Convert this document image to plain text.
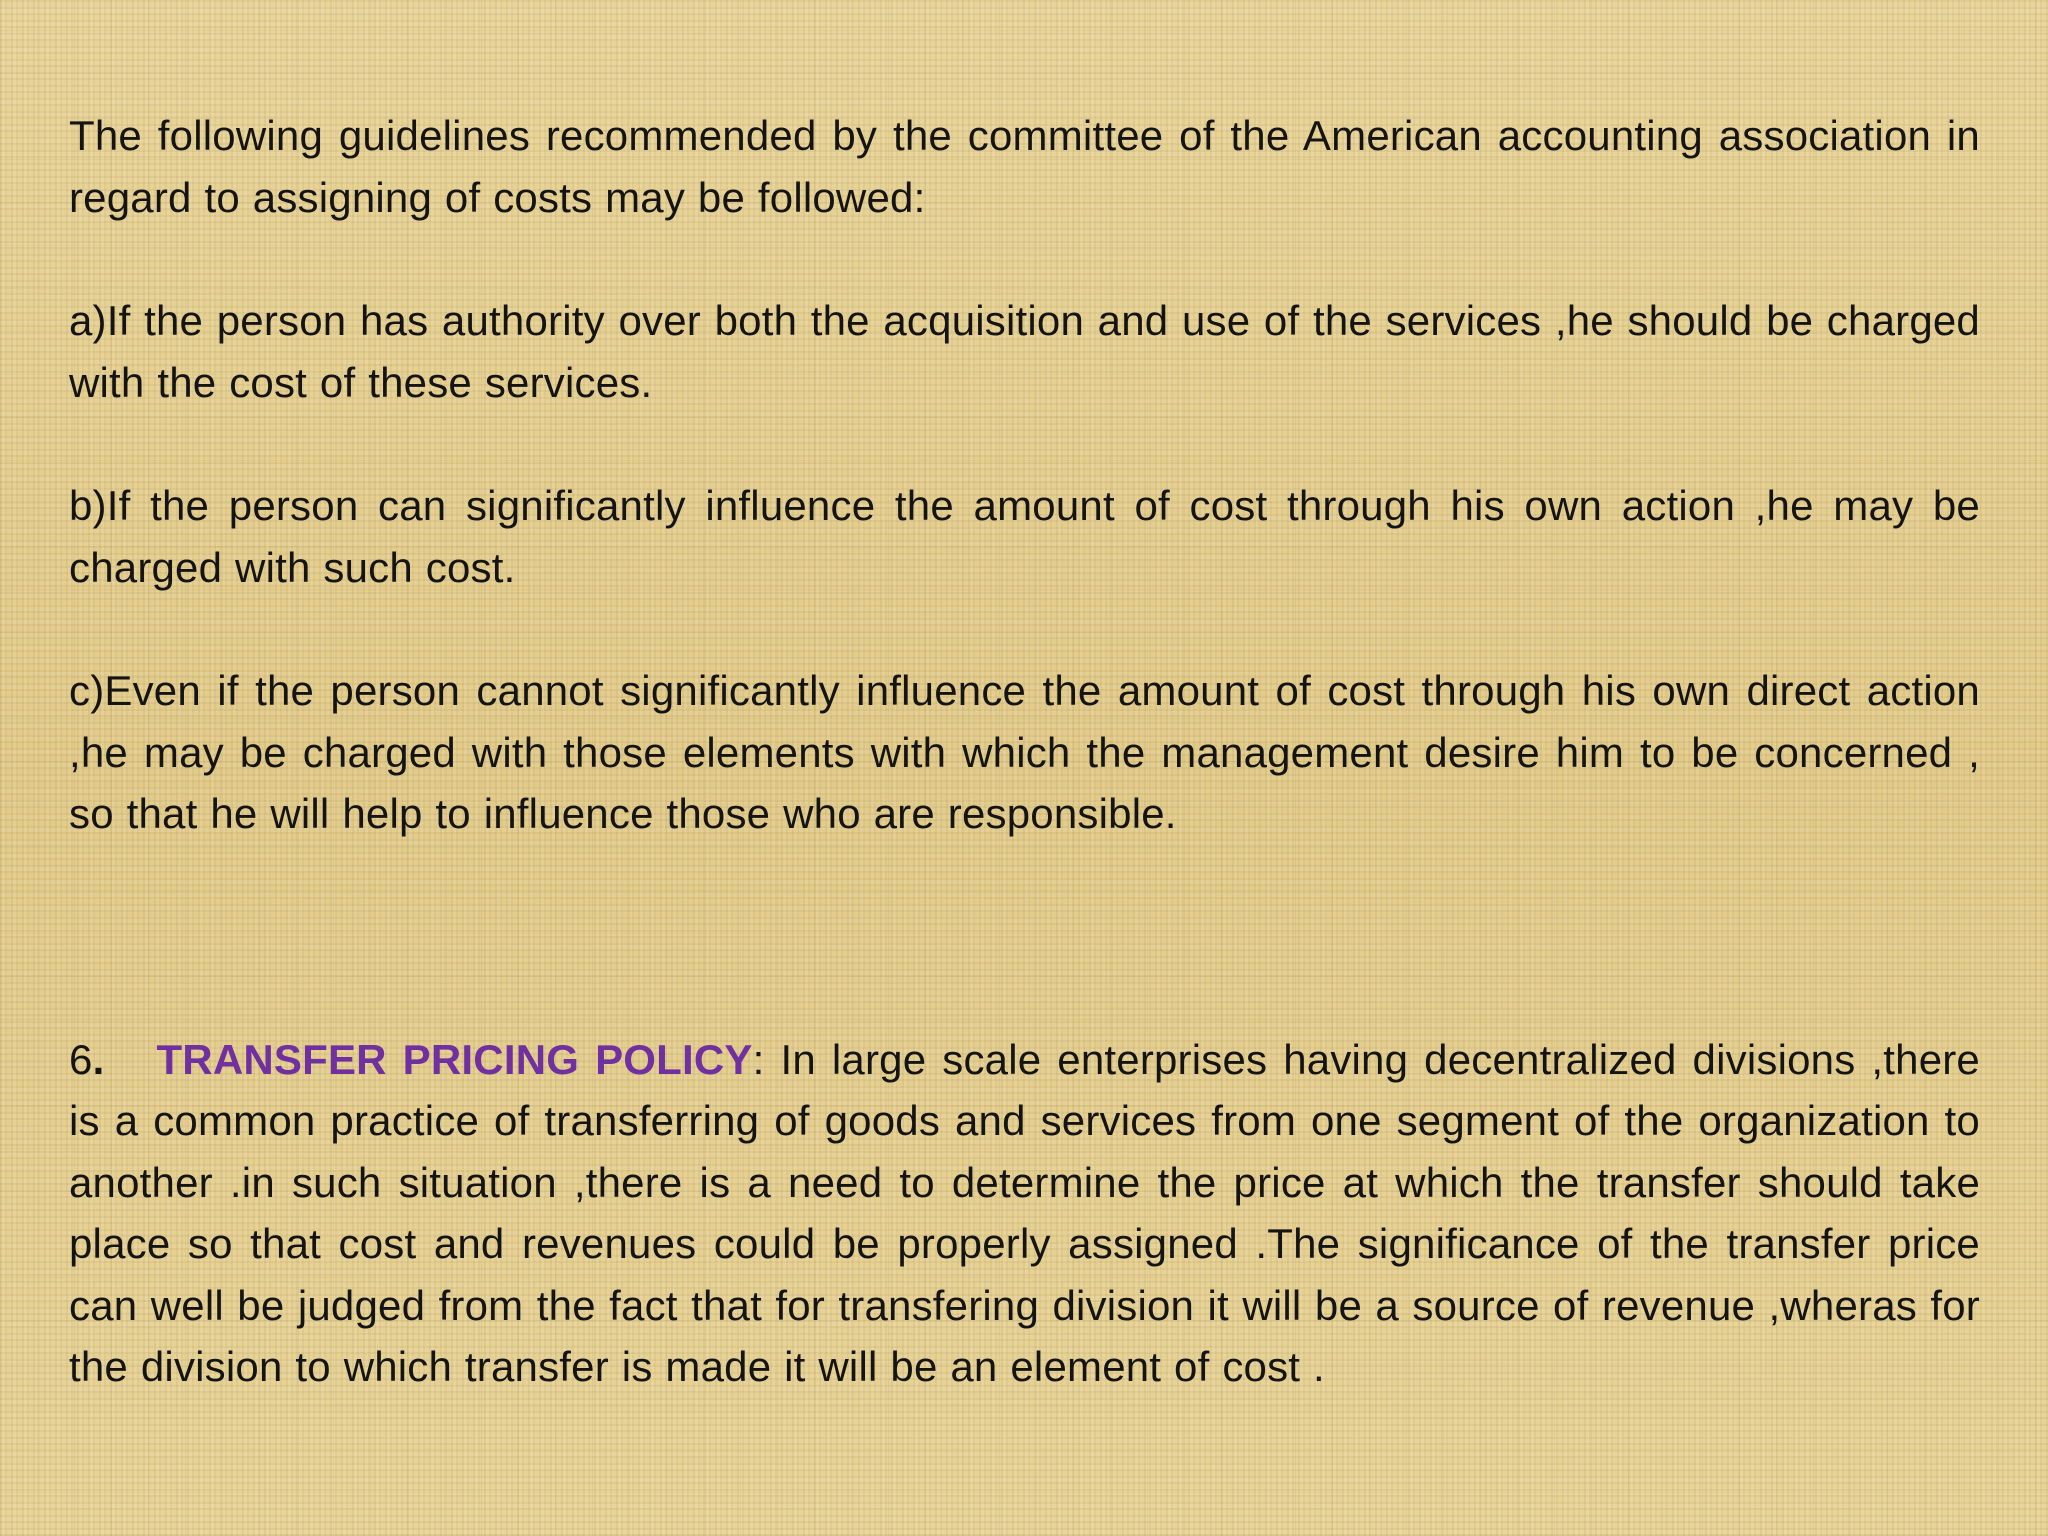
The following guidelines recommended by the committee of the American accounting association in regard to assigning of costs may be followed:

a)If the person has authority over both the acquisition and use of the services ,he should be charged with the cost of these services.

b)If the person can significantly influence the amount of cost through his own action ,he may be charged with such cost.

c)Even if the person cannot significantly influence the amount of cost through his own direct action ,he may be charged with those elements with which the management desire him to be concerned , so that he will help to influence those who are responsible.

6. TRANSFER PRICING POLICY: In large scale enterprises having decentralized divisions ,there is a common practice of transferring of goods and services from one segment of the organization to another .in such situation ,there is a need to determine the price at which the transfer should take place so that cost and revenues could be properly assigned .The significance of the transfer price can well be judged from the fact that for transfering division it will be a source of revenue ,wheras for the division to which transfer is made it will be an element of cost .
